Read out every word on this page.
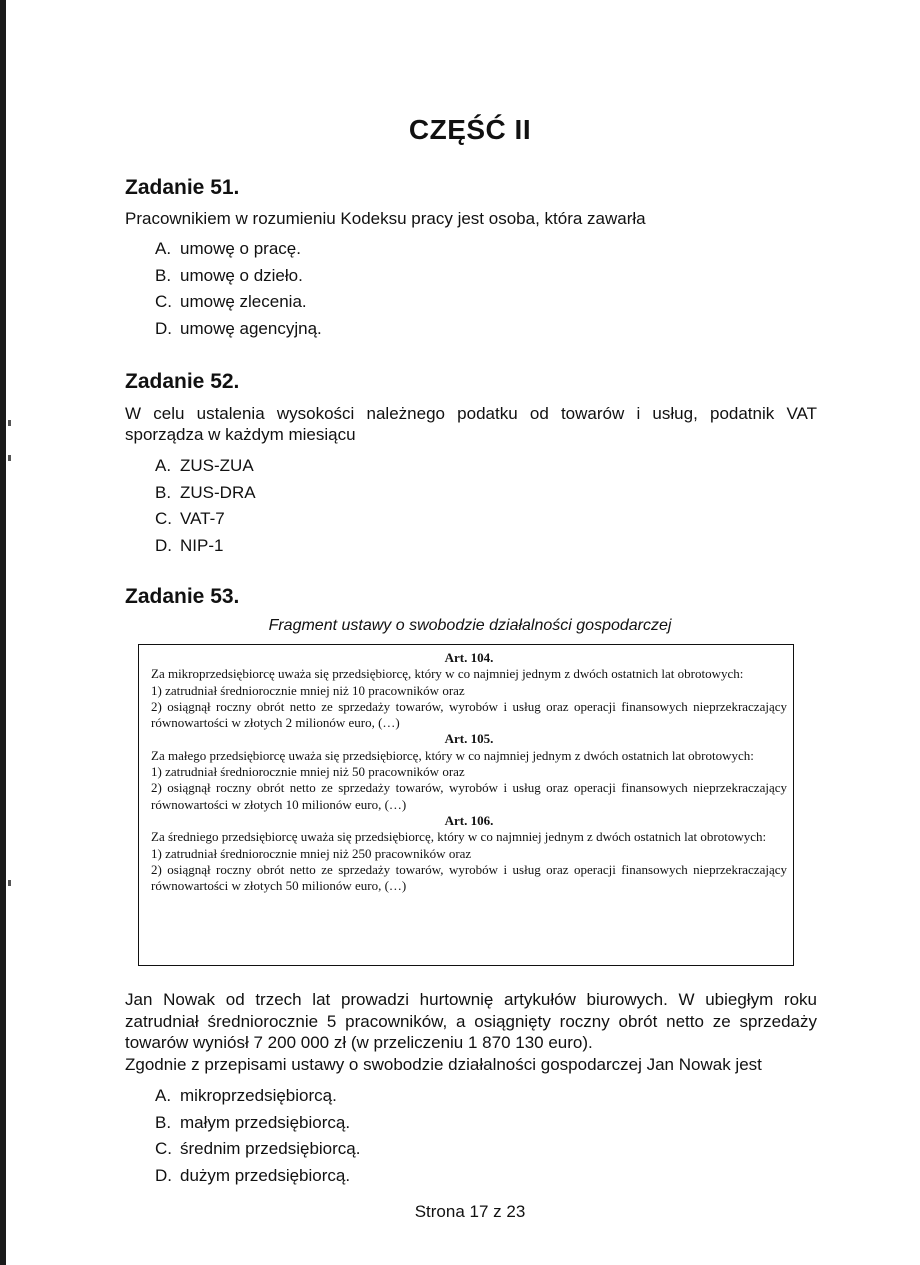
CZĘŚĆ II
Zadanie 51.
Pracownikiem w rozumieniu Kodeksu pracy jest osoba, która zawarła
A. umowę o pracę.
B. umowę o dzieło.
C. umowę zlecenia.
D. umowę agencyjną.
Zadanie 52.
W celu ustalenia wysokości należnego podatku od towarów i usług, podatnik VAT sporządza w każdym miesiącu
A. ZUS-ZUA
B. ZUS-DRA
C. VAT-7
D. NIP-1
Zadanie 53.
Fragment ustawy o swobodzie działalności gospodarczej
Art. 104.
Za mikroprzedsiębiorcę uważa się przedsiębiorcę, który w co najmniej jednym z dwóch ostatnich lat obrotowych:
1) zatrudniał średniorocznie mniej niż 10 pracowników oraz
2) osiągnął roczny obrót netto ze sprzedaży towarów, wyrobów i usług oraz operacji finansowych nieprzekraczający równowartości w złotych 2 milionów euro, (…)
Art. 105.
Za małego przedsiębiorcę uważa się przedsiębiorcę, który w co najmniej jednym z dwóch ostatnich lat obrotowych:
1) zatrudniał średniorocznie mniej niż 50 pracowników oraz
2) osiągnął roczny obrót netto ze sprzedaży towarów, wyrobów i usług oraz operacji finansowych nieprzekraczający równowartości w złotych 10 milionów euro, (…)
Art. 106.
Za średniego przedsiębiorcę uważa się przedsiębiorcę, który w co najmniej jednym z dwóch ostatnich lat obrotowych:
1) zatrudniał średniorocznie mniej niż 250 pracowników oraz
2) osiągnął roczny obrót netto ze sprzedaży towarów, wyrobów i usług oraz operacji finansowych nieprzekraczający równowartości w złotych 50 milionów euro, (…)
Jan Nowak od trzech lat prowadzi hurtownię artykułów biurowych. W ubiegłym roku zatrudniał średniorocznie 5 pracowników, a osiągnięty roczny obrót netto ze sprzedaży towarów wyniósł 7 200 000 zł (w przeliczeniu 1 870 130 euro).
Zgodnie z przepisami ustawy o swobodzie działalności gospodarczej Jan Nowak jest
A. mikroprzedsiębiorcą.
B. małym przedsiębiorcą.
C. średnim przedsiębiorcą.
D. dużym przedsiębiorcą.
Strona 17 z 23
